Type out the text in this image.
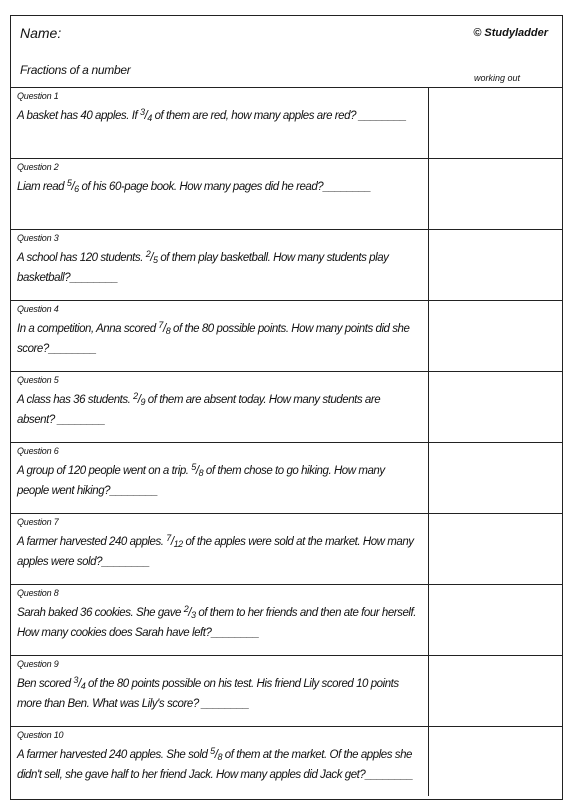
Name:	© Studyladder
Fractions of a number
working out
Question 1
A basket has 40 apples. If $^3/_4$ of them are red, how many apples are red? ________
Question 2
Liam read $^5/_6$ of his 60-page book. How many pages did he read?________
Question 3
A school has 120 students. $^2/_5$ of them play basketball. How many students play basketball?________
Question 4
In a competition, Anna scored $^7/_8$ of the 80 possible points. How many points did she score?________
Question 5
A class has 36 students. $^2/_9$ of them are absent today. How many students are absent? ________
Question 6
A group of 120 people went on a trip. $^5/_8$ of them chose to go hiking. How many people went hiking?________
Question 7
A farmer harvested 240 apples. $^7/_{12}$ of the apples were sold at the market. How many apples were sold?________
Question 8
Sarah baked 36 cookies. She gave $^2/_3$ of them to her friends and then ate four herself. How many cookies does Sarah have left?________
Question 9
Ben scored $^3/_4$ of the 80 points possible on his test. His friend Lily scored 10 points more than Ben. What was Lily's score? ________
Question 10
A farmer harvested 240 apples. She sold $^5/_8$ of them at the market. Of the apples she didn't sell, she gave half to her friend Jack. How many apples did Jack get?________
